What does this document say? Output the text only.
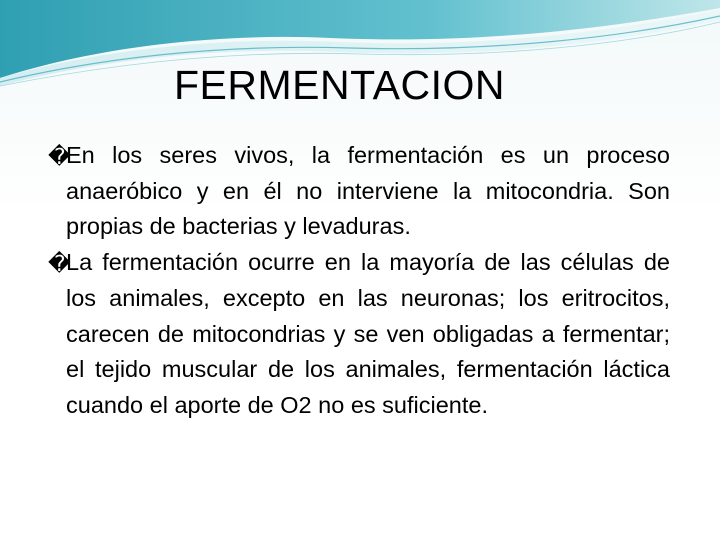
FERMENTACION

�
En los seres vivos, la fermentación es un proceso anaeróbico y en él no interviene la mitocondria. Son propias de bacterias y levaduras.

�
La fermentación ocurre en la mayoría de las células de los animales, excepto en las neuronas; los eritrocitos, carecen de mitocondrias y se ven obligadas a fermentar; el tejido muscular de los animales, fermentación láctica cuando el aporte de O2 no es suficiente.
